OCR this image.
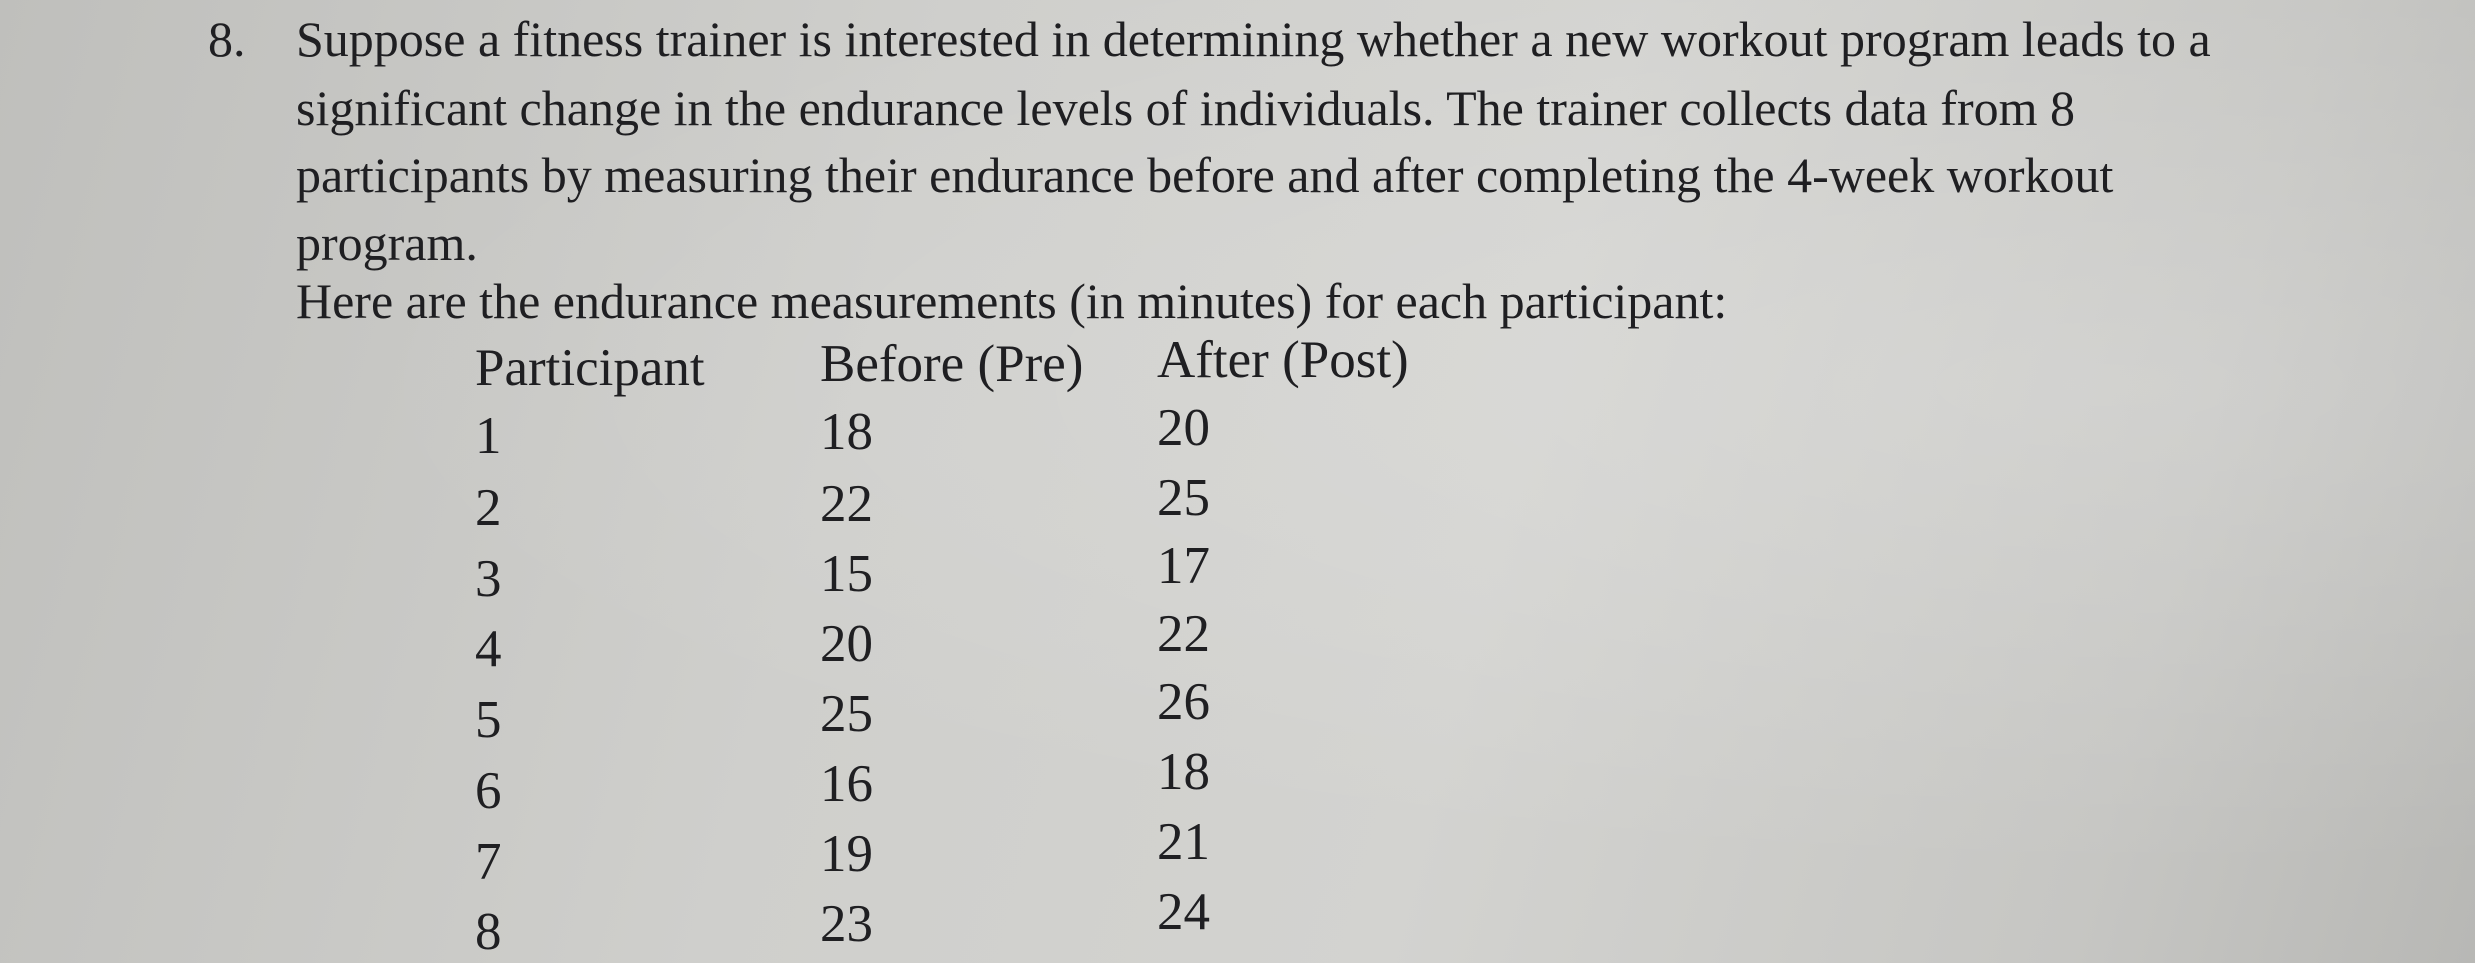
8. Suppose a fitness trainer is interested in determining whether a new workout program leads to a
significant change in the endurance levels of individuals. The trainer collects data from 8
participants by measuring their endurance before and after completing the 4-week workout
program.
Here are the endurance measurements (in minutes) for each participant:
Participant Before (Pre) After (Post)
1	18	20
2	22	25
3	15	17
4	20	22
5	25	26
6	16	18
7	19	21
8	23	24
